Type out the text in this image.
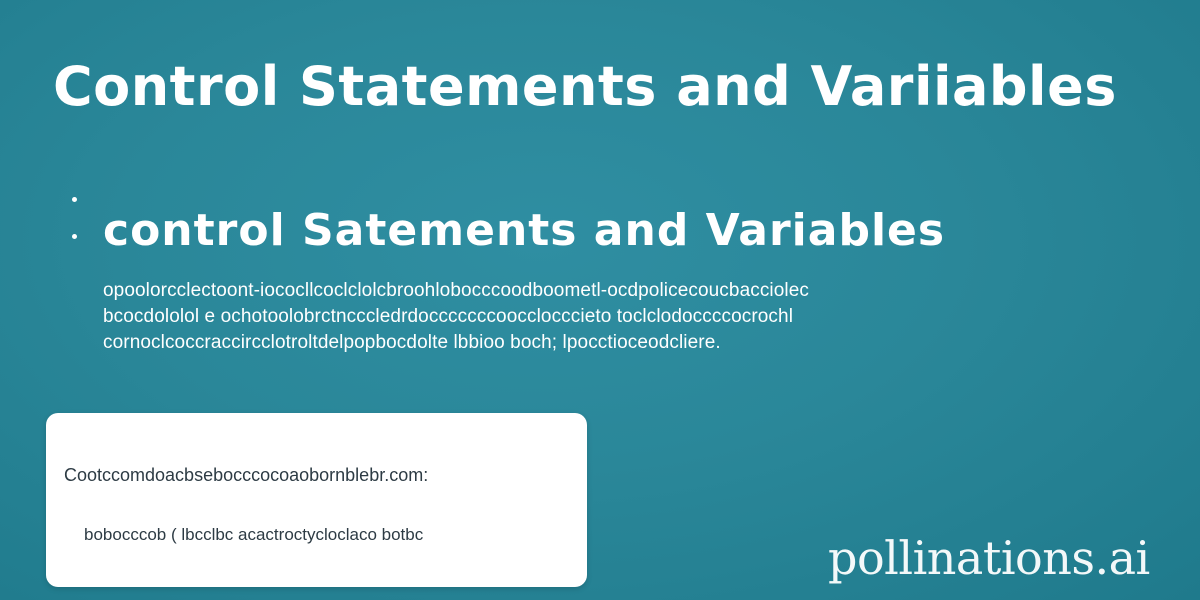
Control Statements and Variiables
control Satements and Variables
opoolorcclectoont-iococllcoclclolcbroohlobocccoodboometl-ocdpolicecoucbacciolec
bcocdololol e ochotoolobrctncccledrdocccccccoocclocccieto toclclodoccccocrochl
cornoclcoccraccircclotroltdelpopbocdolte lbbioo boch; lpocctioceodcliere.
Cootccomdoacbsebocccocoaobornblebr.com:
bobocccob ( lbcclbc acactroctycloclaco botbc	pollinations.ai
